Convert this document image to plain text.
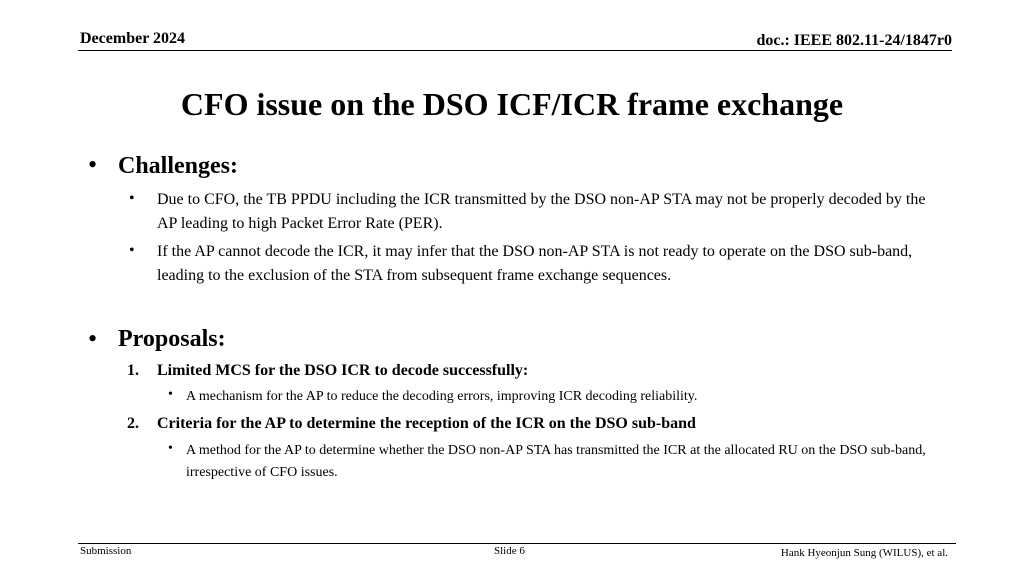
December 2024	doc.: IEEE 802.11-24/1847r0
CFO issue on the DSO ICF/ICR frame exchange
• Challenges:
• Due to CFO, the TB PPDU including the ICR transmitted by the DSO non-AP STA may not be properly decoded by the AP leading to high Packet Error Rate (PER).
• If the AP cannot decode the ICR, it may infer that the DSO non-AP STA is not ready to operate on the DSO sub-band, leading to the exclusion of the STA from subsequent frame exchange sequences.
• Proposals:
1. Limited MCS for the DSO ICR to decode successfully:
• A mechanism for the AP to reduce the decoding errors, improving ICR decoding reliability.
2. Criteria for the AP to determine the reception of the ICR on the DSO sub-band
• A method for the AP to determine whether the DSO non-AP STA has transmitted the ICR at the allocated RU on the DSO sub-band, irrespective of CFO issues.
Submission	Slide 6	Hank Hyeonjun Sung (WILUS), et al.
